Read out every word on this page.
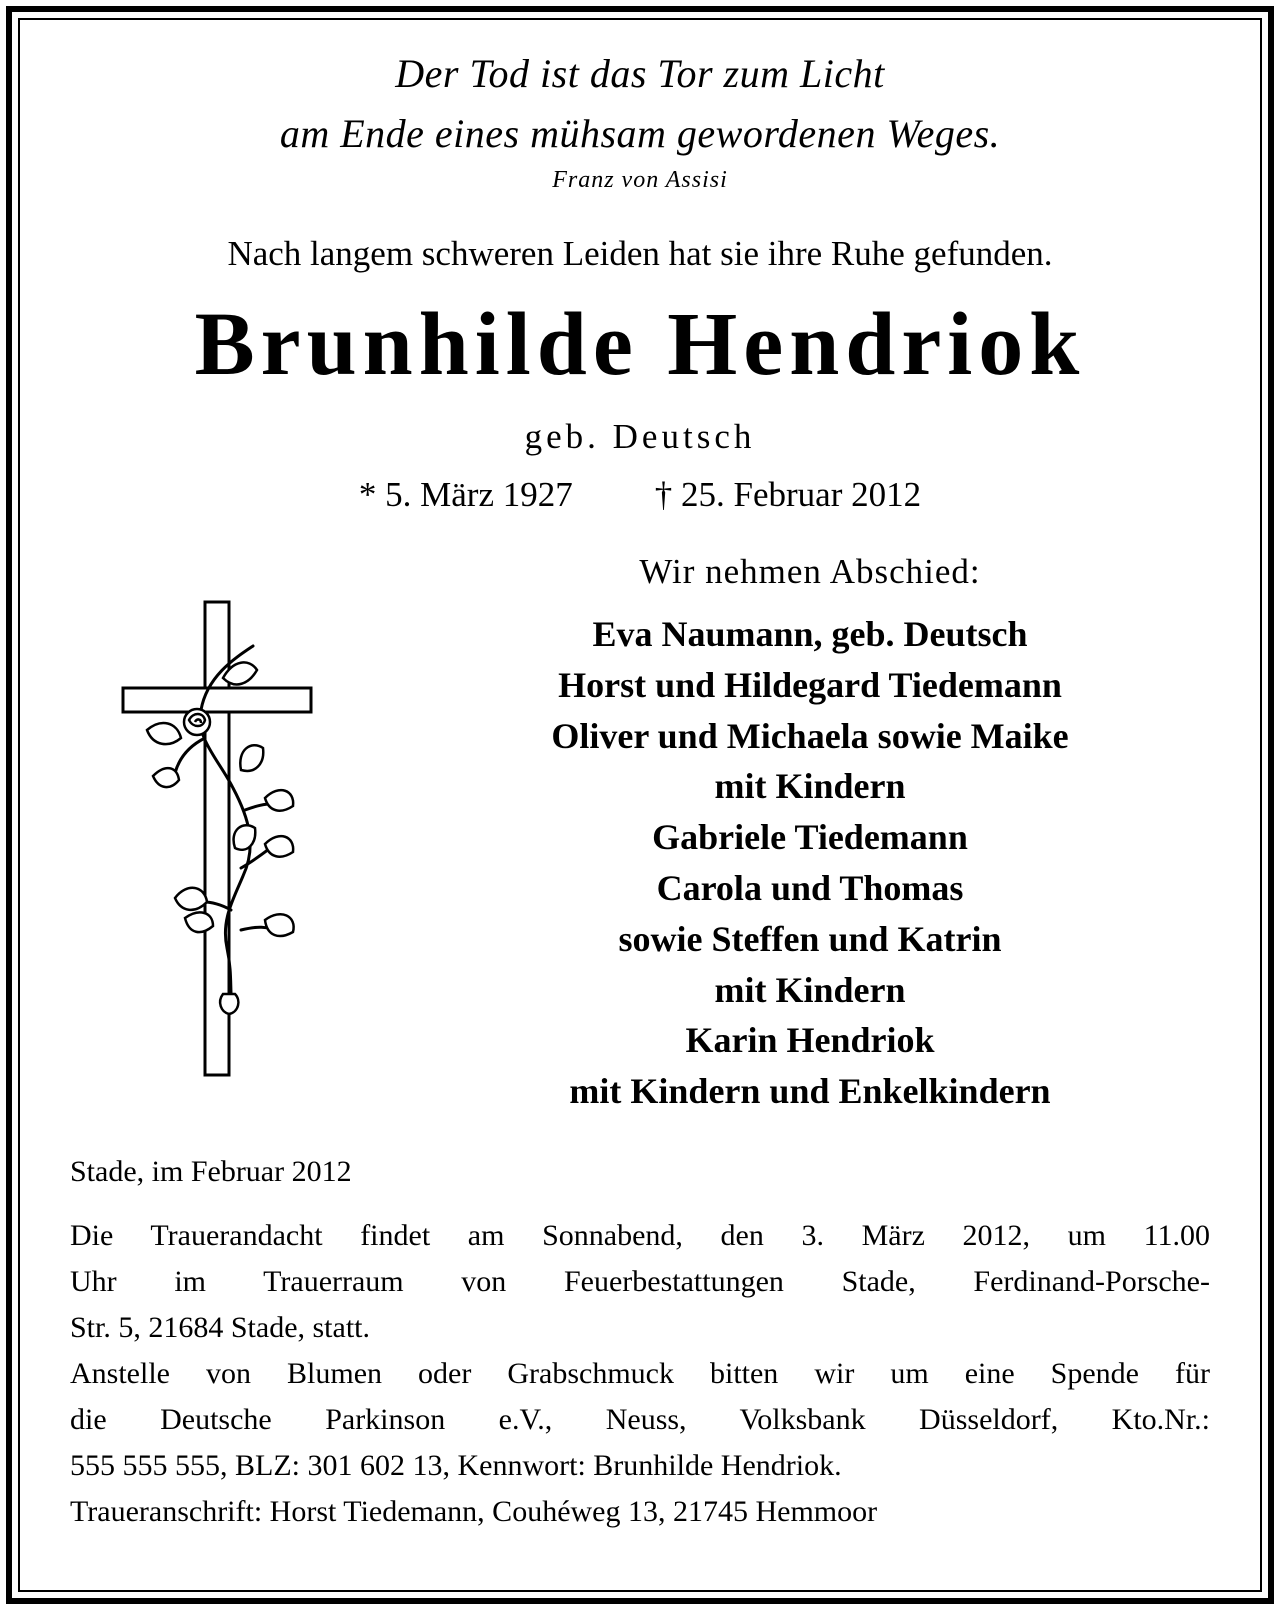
Der Tod ist das Tor zum Licht
am Ende eines mühsam gewordenen Weges.
Franz von Assisi
Nach langem schweren Leiden hat sie ihre Ruhe gefunden.
Brunhilde Hendriok
geb. Deutsch
* 5. März 1927 † 25. Februar 2012
Wir nehmen Abschied:
Eva Naumann, geb. Deutsch
Horst und Hildegard Tiedemann
Oliver und Michaela sowie Maike
mit Kindern
Gabriele Tiedemann
Carola und Thomas
sowie Steffen und Katrin
mit Kindern
Karin Hendriok
mit Kindern und Enkelkindern
Stade, im Februar 2012
Die Trauerandacht findet am Sonnabend, den 3. März 2012, um 11.00
Uhr im Trauerraum von Feuerbestattungen Stade, Ferdinand-Porsche-
Str. 5, 21684 Stade, statt.
Anstelle von Blumen oder Grabschmuck bitten wir um eine Spende für
die Deutsche Parkinson e.V., Neuss, Volksbank Düsseldorf, Kto.Nr.:
555 555 555, BLZ: 301 602 13, Kennwort: Brunhilde Hendriok.
Traueranschrift: Horst Tiedemann, Couhéweg 13, 21745 Hemmoor
